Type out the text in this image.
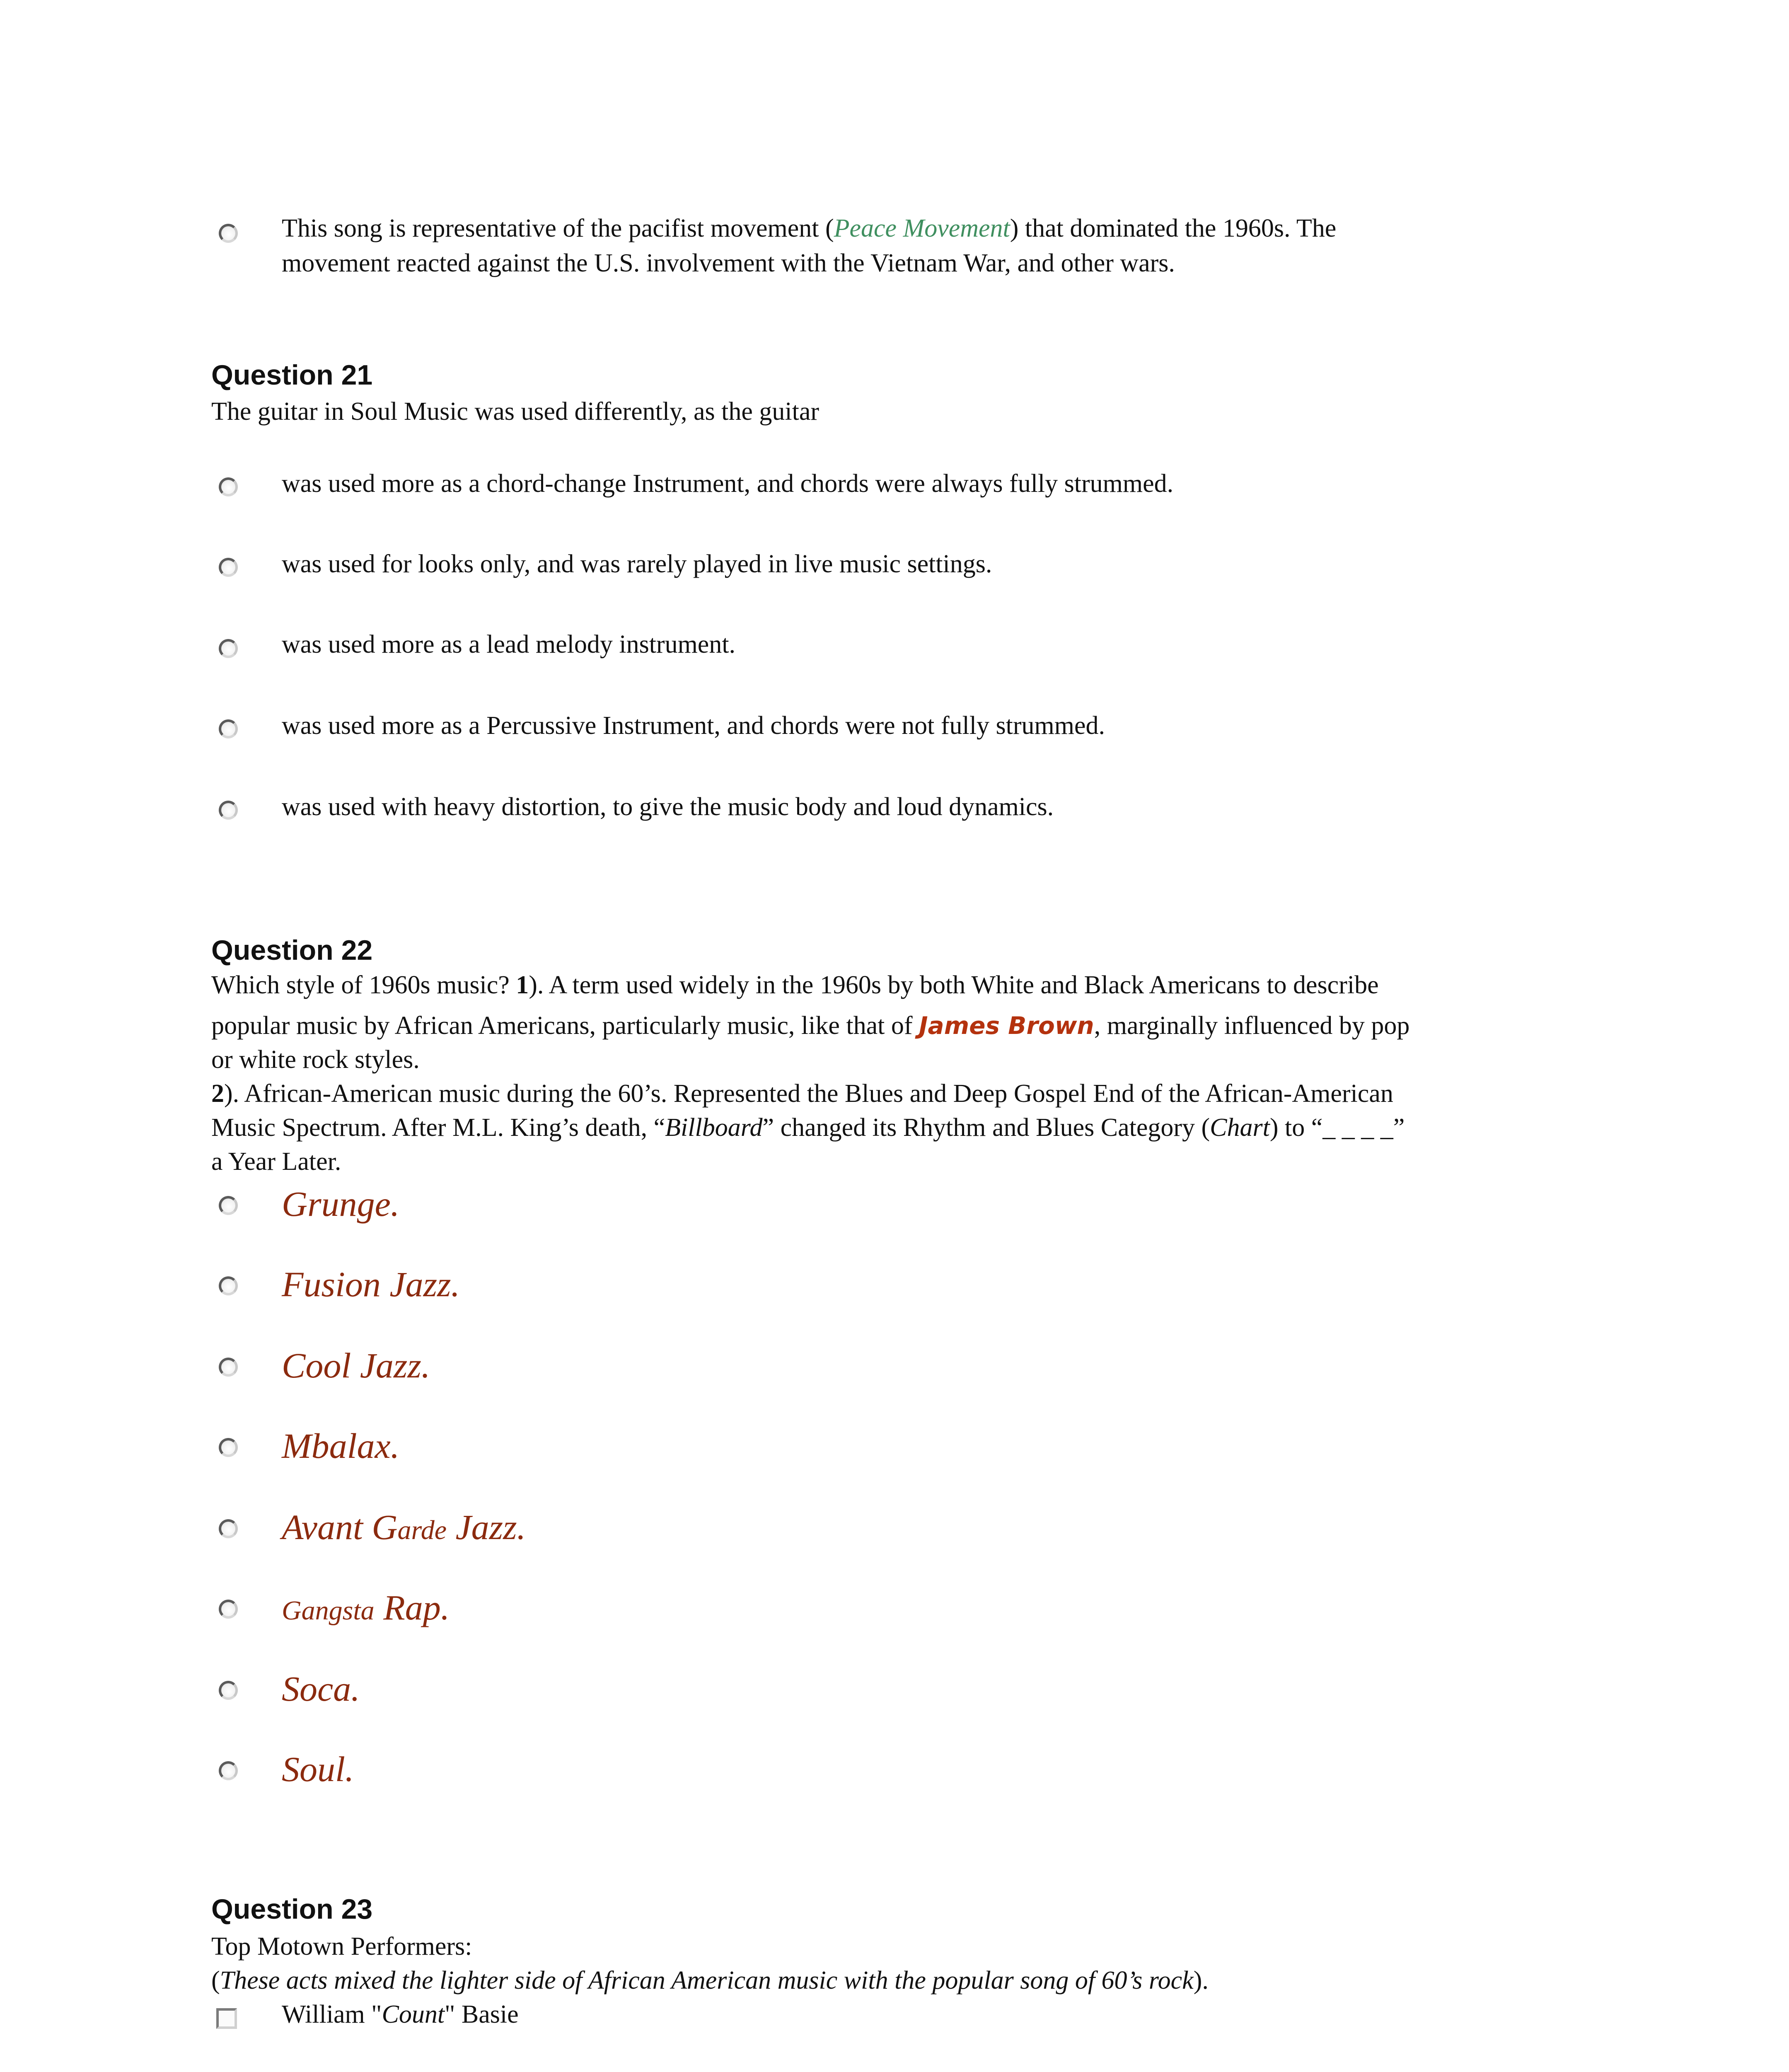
This song is representative of the pacifist movement (Peace Movement) that dominated the 1960s. The
movement reacted against the U.S. involvement with the Vietnam War, and other wars.
Question 21
The guitar in Soul Music was used differently, as the guitar
was used more as a chord-change Instrument, and chords were always fully strummed.
was used for looks only, and was rarely played in live music settings.
was used more as a lead melody instrument.
was used more as a Percussive Instrument, and chords were not fully strummed.
was used with heavy distortion, to give the music body and loud dynamics.
Question 22
Which style of 1960s music? 1). A term used widely in the 1960s by both White and Black Americans to describe
popular music by African Americans, particularly music, like that of James Brown, marginally influenced by pop
or white rock styles.
2). African-American music during the 60’s. Represented the Blues and Deep Gospel End of the African-American
Music Spectrum. After M.L. King’s death, “Billboard” changed its Rhythm and Blues Category (Chart) to “_ _ _ _”
a Year Later.
Grunge.
Fusion Jazz.
Cool Jazz.
Mbalax.
Avant Garde Jazz.
Gangsta Rap.
Soca.
Soul.
Question 23
Top Motown Performers:
(These acts mixed the lighter side of African American music with the popular song of 60’s rock).
William "Count" Basie
